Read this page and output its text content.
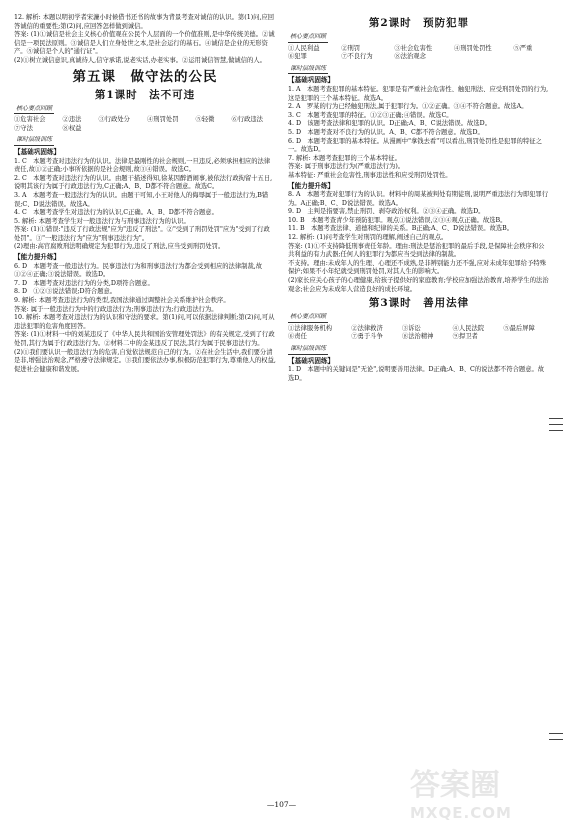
12. 解析: 本题以明初学者宋濂小时候借书还书的故事为背景考查对诚信的认识。第(1)问,应回答诚信的重要性;第(2)问,应回答怎样做到诚信。

答案: (1)①诚信是社会主义核心价值观在公民个人层面的一个价值准则,是中华传统美德。②诚信是一项民法原则。③诚信是人们立身处世之本,是社会运行的基石。④诚信是企业的无形资产。⑤诚信是个人的"通行证"。

(2)①树立诚信意识,真诚待人,信守承诺,说老实话,办老实事。②运用诚信智慧,做诚信的人。

第五课　做守法的公民
第1课时　法不可违
核心要点回顾
①危害社会	②违法	③行政处分	④刑罚处罚	⑤轻微	⑥行政违法
⑦守法	⑧权益
课时层级训练

【基础巩固练】

1. C　本题考查对违法行为的认识。法律是最刚性的社会规则,一旦违反,必须承担相应的法律责任,故①②正确;小事所依据的是社会规则,故③④错误。故选C。

2. C　本题考查对违法行为的认识。由题干描述得知,徐某因醉酒闹事,被依法行政拘留十五日,说明其该行为属于行政违法行为,C正确;A、B、D都不符合题意。故选C。

3. A　本题考查一般违法行为的认识。由题干可知,小王对他人的侮辱属于一般违法行为,B错误;C、D说法错误。故选A。

4. C　本题考查学生对违法行为的认识,C正确。A、B、D都不符合题意。

5. 解析: 本题考查学生对一般违法行为与刑事违法行为的认识。

答案: (1)①错误:"违反了行政法规"应为"违反了刑法"。②"受到了刑罚处罚"应为"受到了行政处罚"。③"一般违法行为"应为"刑事违法行为"。

(2)理由:高官腐败刑法明确规定为犯罪行为,违反了刑法,应当受到刑罚处罚。

【能力提升练】

6. D　本题考查一般违法行为。民事违法行为和刑事违法行为都会受到相应的法律制裁,故①②④正确;③说法错误。故选D。

7. D　本题考查对违法行为的分类,D项符合题意。

8. D　①②③说法错误;D符合题意。

9. 解析: 本题考查违法行为的类型,我国法律通过调整社会关系维护社会秩序。

答案: 属于一般违法行为中的行政违法行为;刑事违法行为;行政违法行为。

10. 解析: 本题考查对违法行为的认识和守法的要求。第(1)问,可以依据法律判断;第(2)问,可从违法犯罪的危害角度回答。

答案: (1)①材料一中的刘某违反了《中华人民共和国治安管理处罚法》的有关规定,受到了行政处罚,其行为属于行政违法行为。②材料二中的金某违反了民法,其行为属于民事违法行为。

(2)①我们要认识一般违法行为的危害,自觉依法规范自己的行为。②在社会生活中,我们要分清是非,增强法治观念,严格遵守法律规定。③我们要依法办事,积极防范犯罪行为,尊重他人的权益,促进社会健康和谐发展。

第2课时　预防犯罪
核心要点回顾
①人民利益	②刑罚	③社会危害性	④刑罚处罚性	⑤严重
⑥犯罪	⑦不良行为	⑧法治观念
课时层级训练

【基础巩固练】

1. A　本题考查犯罪的基本特征。犯罪是有严重社会危害性、触犯刑法、应受刑罚处罚的行为,这是犯罪的三个基本特征。故选A。

2. A　罗某的行为已经触犯刑法,属于犯罪行为。①②正确。③④不符合题意。故选A。

3. C　本题考查犯罪的特征。①②③正确;④错误。故选C。

4. D　该题考查法律和犯罪的认识。D正确;A、B、C说法错误。故选D。

5. D　本题考查对不良行为的认识。A、B、C都不符合题意。故选D。

6. D　本题考查犯罪的基本特征。从漫画中"拿钱去看"可以看出,刑罚处罚性是犯罪的特征之一。故选D。

7. 解析: 本题考查犯罪的三个基本特征。

答案: 属于刑事违法行为(严重违法行为)。

基本特征: 严重社会危害性,刑事违法性和应受刑罚处罚性。

【能力提升练】

8. A　本题考查对犯罪行为的认识。材料中的周某被判处有期徒刑,说明严重违法行为即犯罪行为。A正确;B、C、D说法错误。故选A。

9. D　主判是指要害,禁止刑罚、剥夺政治权利。②③④正确。故选D。

10. B　本题考查青少年预防犯罪。观点①说法错误,②③④观点正确。故选B。

11. B　本题考查法律、道德和纪律的关系。B正确;A、C、D说法错误。故选B。

12. 解析: (1)问考查学生对刑罚的理解,阐述自己的观点。

答案: (1)①不支持降低刑事责任年龄。理由:刑法是惩治犯罪的最后手段,是保障社会秩序和公共利益的有力武器;任何人的犯罪行为都应当受到法律的制裁。

不支持。理由:未成年人的生理、心理还不成熟,是非辨别能力还不强,应对未成年犯罪给予特殊保护;如果不小年纪就受到刑罚处罚,对其人生的影响大。

(2)家长应关心孩子的心理健康,给孩子提供好的家庭教育;学校应加强法治教育,培养学生的法治观念;社会应为未成年人营造良好的成长环境。

第3课时　善用法律
核心要点回顾
①法律服务机构	②法律救济	③诉讼	④人民法院	⑤最后屏障
⑥责任	⑦勇于斗争	⑧法治精神	⑨捍卫者
课时层级训练

【基础巩固练】

1. D　本题中的关键词是"无论",说明要善用法律。D正确;A、B、C的说法都不符合题意。故选D。

答案圈
MXQE.COM
—107—
